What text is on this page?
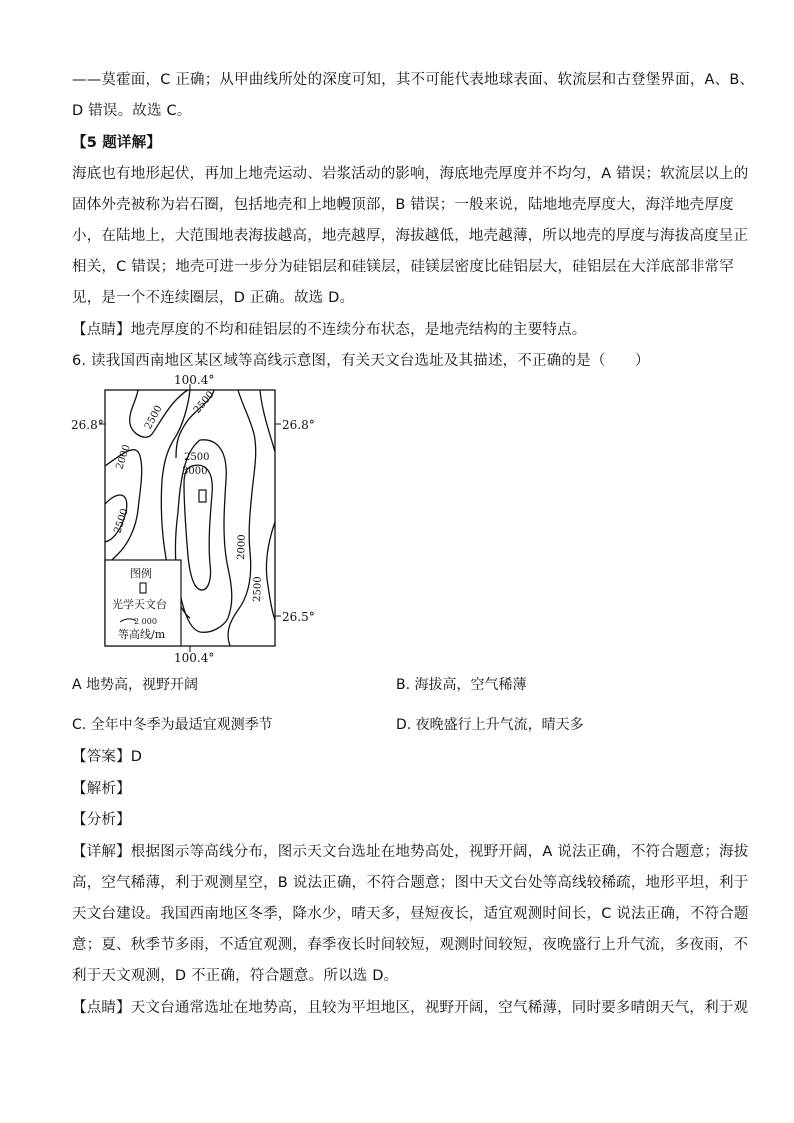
——莫霍面，C 正确；从甲曲线所处的深度可知，其不可能代表地球表面、软流层和古登堡界面，A、B、
D 错误。故选 C。
【5 题详解】
海底也有地形起伏，再加上地壳运动、岩浆活动的影响，海底地壳厚度并不均匀，A 错误；软流层以上的
固体外壳被称为岩石圈，包括地壳和上地幔顶部，B 错误；一般来说，陆地地壳厚度大，海洋地壳厚度
小，在陆地上，大范围地表海拔越高，地壳越厚，海拔越低，地壳越薄，所以地壳的厚度与海拔高度呈正
相关，C 错误；地壳可进一步分为硅铝层和硅镁层，硅镁层密度比硅铝层大，硅铝层在大洋底部非常罕
见，是一个不连续圈层，D 正确。故选 D。
【点睛】地壳厚度的不均和硅铝层的不连续分布状态，是地壳结构的主要特点。
6. 读我国西南地区某区域等高线示意图，有关天文台选址及其描述，不正确的是（　　）
100.4°
100.4°
26.8°	26.8°
26.5°
2500
2500
2000
2500
2500
3000
2000
2500
图例
光学天文台
2 000
等高线/m
A 地势高，视野开阔	B. 海拔高，空气稀薄
C. 全年中冬季为最适宜观测季节	D. 夜晚盛行上升气流，晴天多
【答案】D
【解析】
【分析】
【详解】根据图示等高线分布，图示天文台选址在地势高处，视野开阔，A 说法正确，不符合题意；海拔
高，空气稀薄，利于观测星空，B 说法正确，不符合题意；图中天文台处等高线较稀疏，地形平坦，利于
天文台建设。我国西南地区冬季，降水少，晴天多，昼短夜长，适宜观测时间长，C 说法正确，不符合题
意；夏、秋季节多雨，不适宜观测，春季夜长时间较短，观测时间较短，夜晚盛行上升气流，多夜雨，不
利于天文观测，D 不正确，符合题意。所以选 D。
【点睛】天文台通常选址在地势高，且较为平坦地区，视野开阔，空气稀薄，同时要多晴朗天气，利于观
